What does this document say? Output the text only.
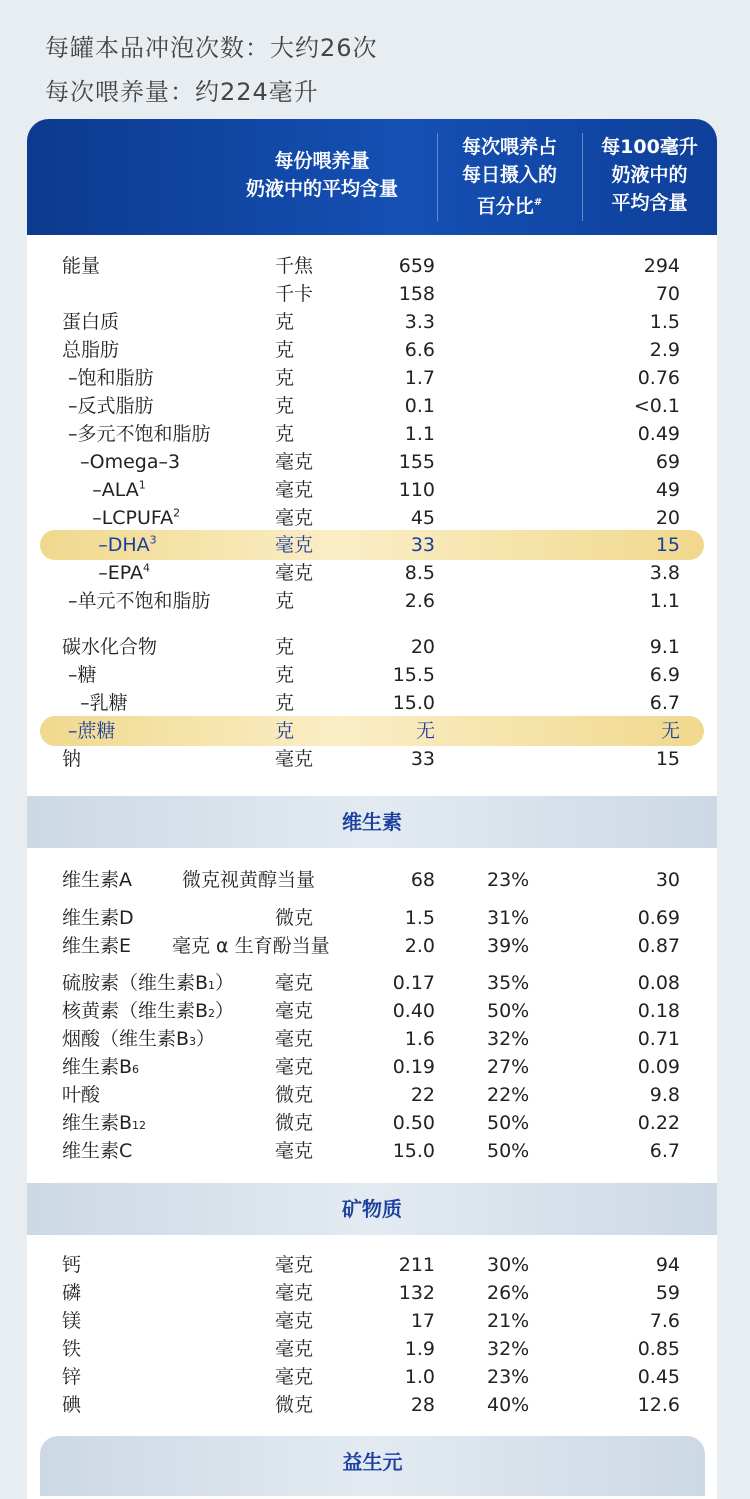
每罐本品冲泡次数：大约26次
每次喂养量：约224毫升
每份喂养量
奶液中的平均含量
每次喂养占
每日摄入的
百分比#
每100毫升
奶液中的
平均含量
能量	千焦	659	294
千卡	158	70
蛋白质	克	3.3	1.5
总脂肪	克	6.6	2.9
–饱和脂肪	克	1.7	0.76
–反式脂肪	克	0.1	<0.1
–多元不饱和脂肪	克	1.1	0.49
–Omega–3	毫克	155	69
–ALA$^1$	毫克	110	49
–LCPUFA$^2$	毫克	45	20
–DHA$^3$	毫克	33	15
–EPA$^4$	毫克	8.5	3.8
–单元不饱和脂肪	克	2.6	1.1
碳水化合物	克	20	9.1
–糖	克	15.5	6.9
–乳糖	克	15.0	6.7
–蔗糖	克	无	无
钠	毫克	33	15
维生素
维生素A	微克视黄醇当量	68	23%	30
维生素D	微克	1.5	31%	0.69
维生素E 毫克 α 生育酚当量	2.0	39%	0.87
硫胺素（维生素B1） 毫克	0.17	35%	0.08
核黄素（维生素B2） 毫克	0.40	50%	0.18
烟酸（维生素B3）	毫克	1.6	32%	0.71
维生素B6	毫克	0.19	27%	0.09
叶酸	微克	22	22%	9.8
维生素B12	微克	0.50	50%	0.22
维生素C	毫克	15.0	50%	6.7
矿物质
钙	毫克	211	30%	94
磷	毫克	132	26%	59
镁	毫克	17	21%	7.6
铁	毫克	1.9	32%	0.85
锌	毫克	1.0	23%	0.45
碘	微克	28	40%	12.6
益生元
